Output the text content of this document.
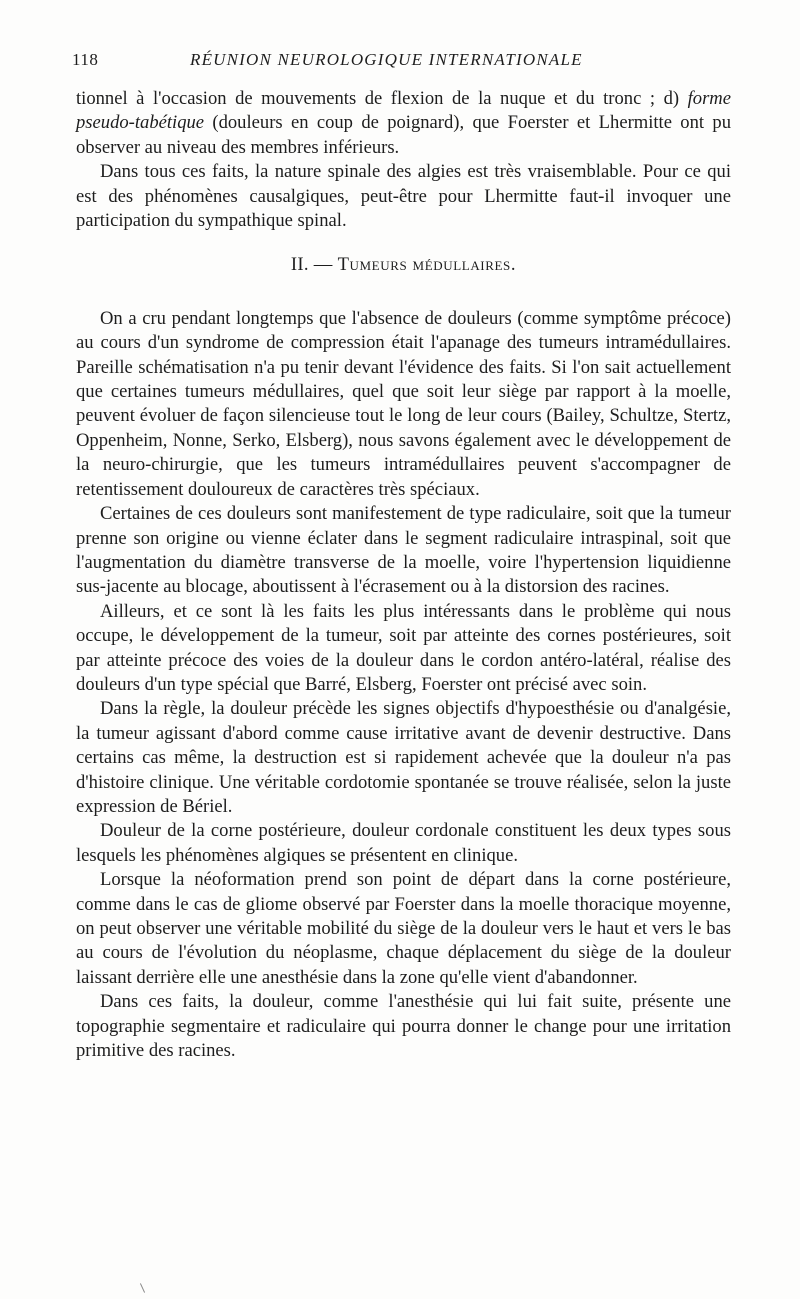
118	RÉUNION NEUROLOGIQUE INTERNATIONALE

tionnel à l'occasion de mouvements de flexion de la nuque et du tronc ; d) forme pseudo-tabétique (douleurs en coup de poignard), que Foerster et Lhermitte ont pu observer au niveau des membres inférieurs.

Dans tous ces faits, la nature spinale des algies est très vraisemblable. Pour ce qui est des phénomènes causalgiques, peut-être pour Lhermitte faut-il invoquer une participation du sympathique spinal.

II. — Tumeurs médullaires.

On a cru pendant longtemps que l'absence de douleurs (comme symptôme précoce) au cours d'un syndrome de compression était l'apanage des tumeurs intramédullaires. Pareille schématisation n'a pu tenir devant l'évidence des faits. Si l'on sait actuellement que certaines tumeurs médullaires, quel que soit leur siège par rapport à la moelle, peuvent évoluer de façon silencieuse tout le long de leur cours (Bailey, Schultze, Stertz, Oppenheim, Nonne, Serko, Elsberg), nous savons également avec le développement de la neuro-chirurgie, que les tumeurs intramédullaires peuvent s'accompagner de retentissement douloureux de caractères très spéciaux.

Certaines de ces douleurs sont manifestement de type radiculaire, soit que la tumeur prenne son origine ou vienne éclater dans le segment radiculaire intraspinal, soit que l'augmentation du diamètre transverse de la moelle, voire l'hypertension liquidienne sus-jacente au blocage, aboutissent à l'écrasement ou à la distorsion des racines.

Ailleurs, et ce sont là les faits les plus intéressants dans le problème qui nous occupe, le développement de la tumeur, soit par atteinte des cornes postérieures, soit par atteinte précoce des voies de la douleur dans le cordon antéro-latéral, réalise des douleurs d'un type spécial que Barré, Elsberg, Foerster ont précisé avec soin.

Dans la règle, la douleur précède les signes objectifs d'hypoesthésie ou d'analgésie, la tumeur agissant d'abord comme cause irritative avant de devenir destructive. Dans certains cas même, la destruction est si rapidement achevée que la douleur n'a pas d'histoire clinique. Une véritable cordotomie spontanée se trouve réalisée, selon la juste expression de Bériel.

Douleur de la corne postérieure, douleur cordonale constituent les deux types sous lesquels les phénomènes algiques se présentent en clinique.

Lorsque la néoformation prend son point de départ dans la corne postérieure, comme dans le cas de gliome observé par Foerster dans la moelle thoracique moyenne, on peut observer une véritable mobilité du siège de la douleur vers le haut et vers le bas au cours de l'évolution du néoplasme, chaque déplacement du siège de la douleur laissant derrière elle une anesthésie dans la zone qu'elle vient d'abandonner.

Dans ces faits, la douleur, comme l'anesthésie qui lui fait suite, présente une topographie segmentaire et radiculaire qui pourra donner le change pour une irritation primitive des racines.
